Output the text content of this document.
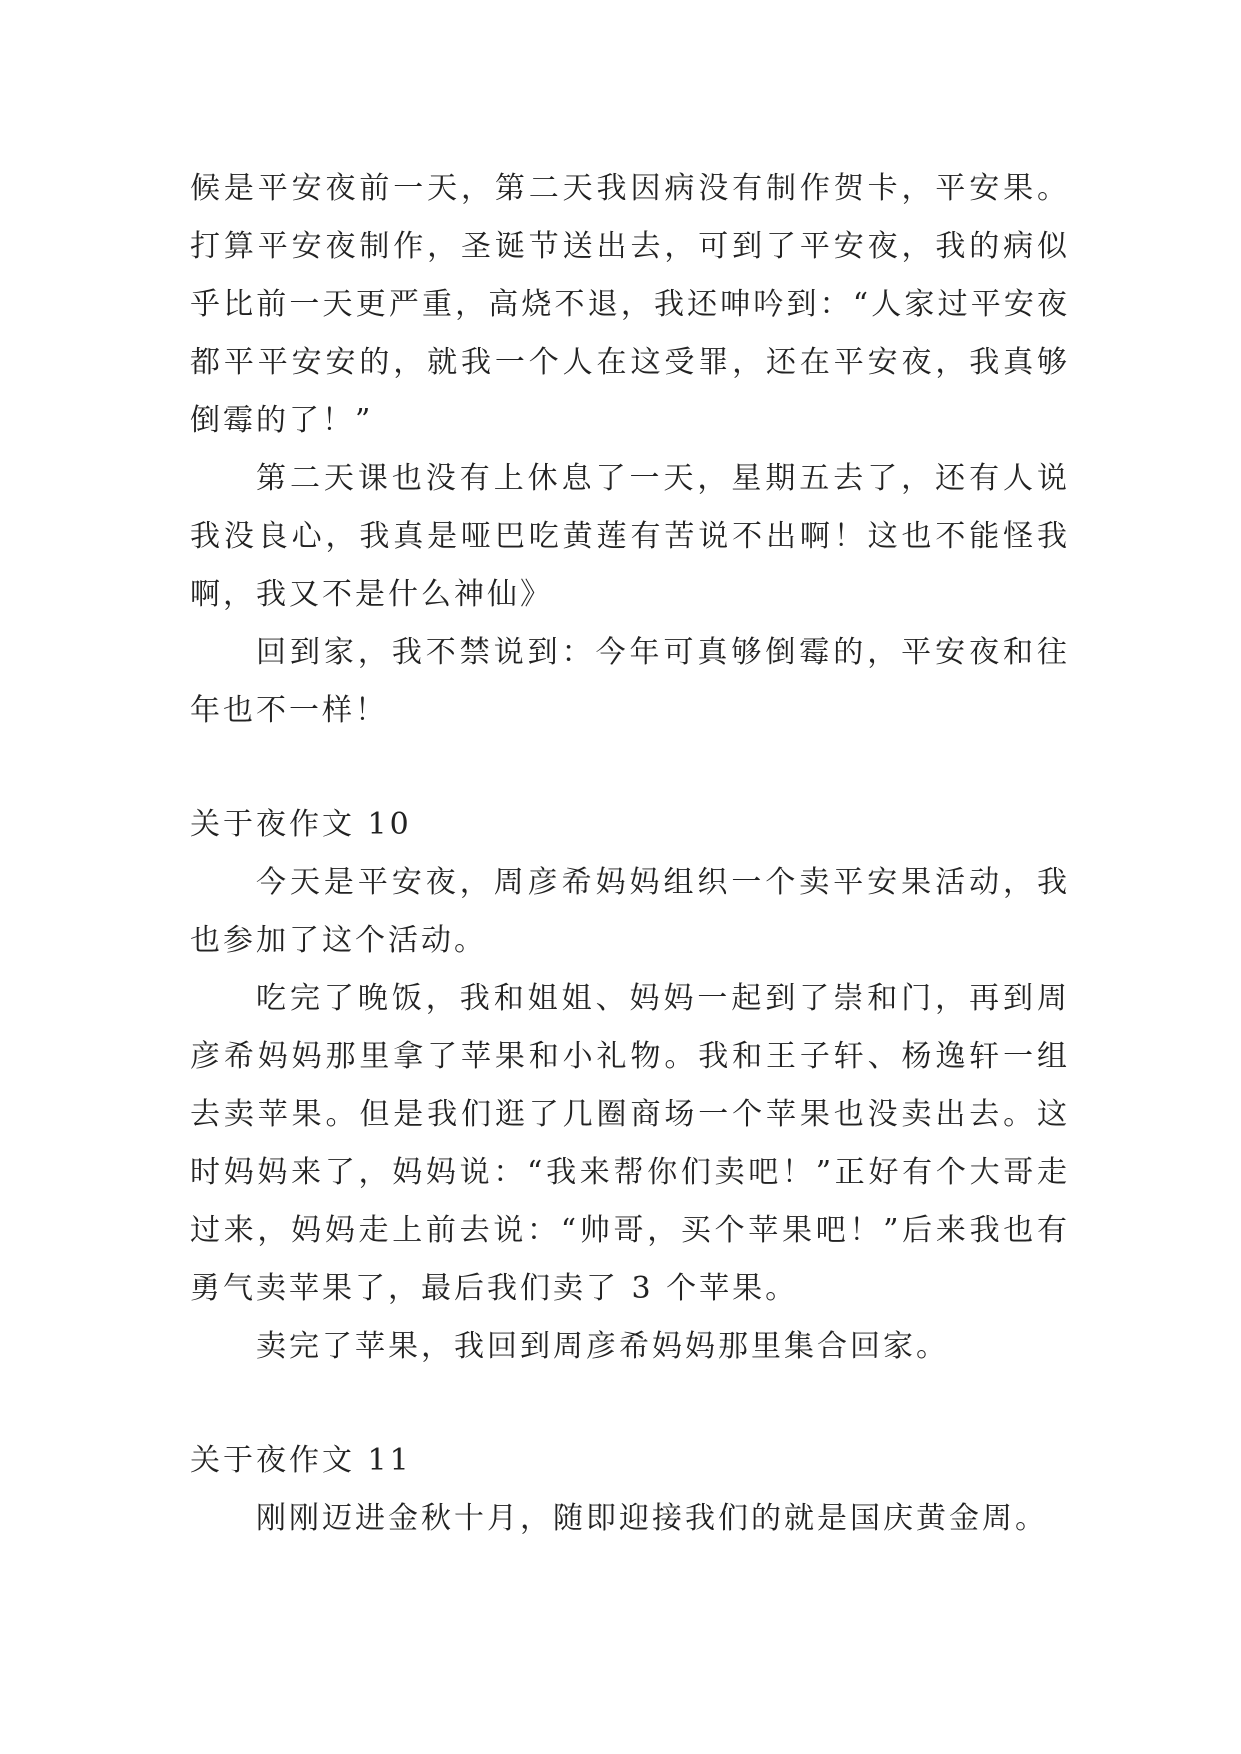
候是平安夜前一天，第二天我因病没有制作贺卡，平安果。打算平安夜制作，圣诞节送出去，可到了平安夜，我的病似乎比前一天更严重，高烧不退，我还呻吟到：“人家过平安夜都平平安安的，就我一个人在这受罪，还在平安夜，我真够倒霉的了！”

第二天课也没有上休息了一天，星期五去了，还有人说我没良心，我真是哑巴吃黄莲有苦说不出啊！这也不能怪我啊，我又不是什么神仙》

回到家，我不禁说到：今年可真够倒霉的，平安夜和往年也不一样！

关于夜作文 10

今天是平安夜，周彦希妈妈组织一个卖平安果活动，我也参加了这个活动。

吃完了晚饭，我和姐姐、妈妈一起到了崇和门，再到周彦希妈妈那里拿了苹果和小礼物。我和王子轩、杨逸轩一组去卖苹果。但是我们逛了几圈商场一个苹果也没卖出去。这时妈妈来了，妈妈说：“我来帮你们卖吧！”正好有个大哥走过来，妈妈走上前去说：“帅哥，买个苹果吧！”后来我也有勇气卖苹果了，最后我们卖了 3 个苹果。

卖完了苹果，我回到周彦希妈妈那里集合回家。

关于夜作文 11

刚刚迈进金秋十月，随即迎接我们的就是国庆黄金周。
